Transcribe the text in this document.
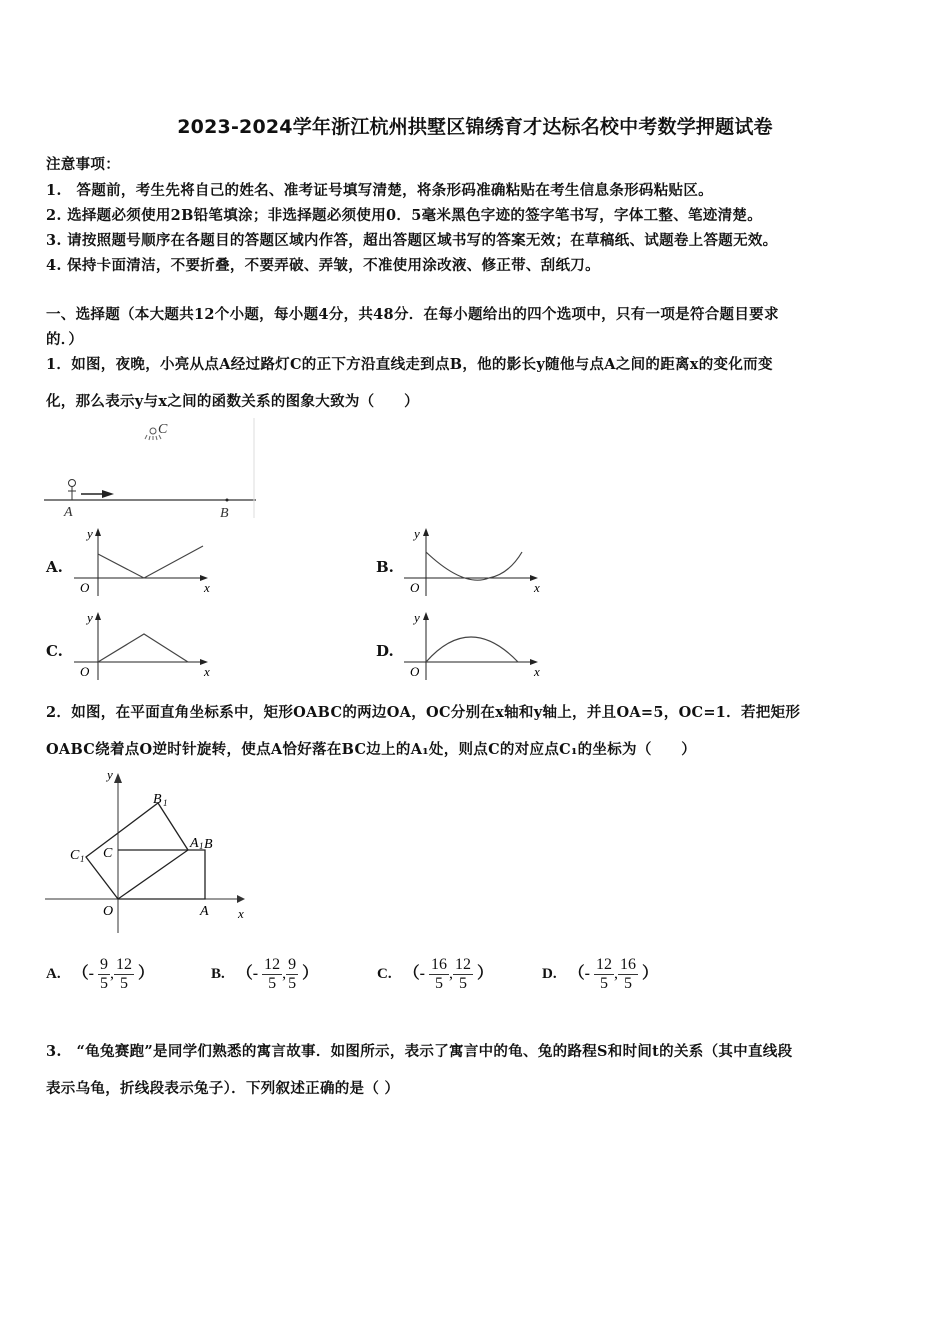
2023-2024学年浙江杭州拱墅区锦绣育才达标名校中考数学押题试卷
注意事项：
1.　答题前，考生先将自己的姓名、准考证号填写清楚，将条形码准确粘贴在考生信息条形码粘贴区。
2. 选择题必须使用2B铅笔填涂；非选择题必须使用0．5毫米黑色字迹的签字笔书写，字体工整、笔迹清楚。
3. 请按照题号顺序在各题目的答题区域内作答，超出答题区域书写的答案无效；在草稿纸、试题卷上答题无效。
4. 保持卡面清洁，不要折叠，不要弄破、弄皱，不准使用涂改液、修正带、刮纸刀。
一、选择题（本大题共12个小题，每小题4分，共48分．在每小题给出的四个选项中，只有一项是符合题目要求
的．）
1．如图，夜晚，小亮从点A经过路灯C的正下方沿直线走到点B，他的影长y随他与点A之间的距离x的变化而变
化，那么表示y与x之间的函数关系的图象大致为（　　）
C
A	B
A.
y
O	x
B.
y
O	x
C.
y
O	x
D.
y
O	x
2．如图，在平面直角坐标系中，矩形OABC的两边OA，OC分别在x轴和y轴上，并且OA=5，OC=1．若把矩形
OABC绕着点O逆时针旋转，使点A恰好落在BC边上的A₁处，则点C的对应点C₁的坐标为（　　）
y
x
O	A
B
C
A 1
B 1
C 1
A. （- $\frac{9}{5}$ , $\frac{12}{5}$ ）	B. （- $\frac{12}{5}$ , $\frac{9}{5}$ ）	C. （- $\frac{16}{5}$ , $\frac{12}{5}$ ）	D. （- $\frac{12}{5}$ , $\frac{16}{5}$ ）
3.　“龟兔赛跑”是同学们熟悉的寓言故事．如图所示，表示了寓言中的龟、兔的路程S和时间t的关系（其中直线段
表示乌龟，折线段表示兔子）．下列叙述正确的是（ ）
